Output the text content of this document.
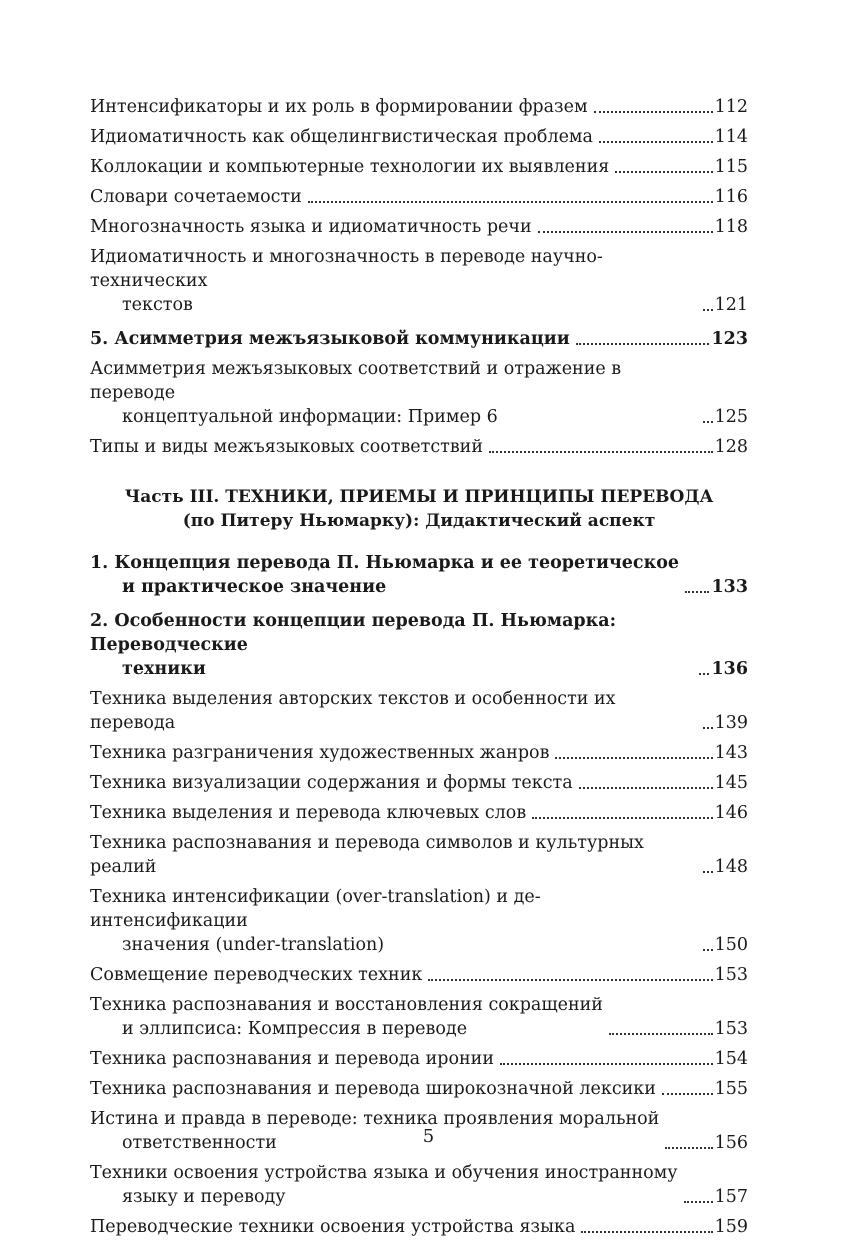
Интенсификаторы и их роль в формировании фразем	112
Идиоматичность как общелингвистическая проблема	114
Коллокации и компьютерные технологии их выявления	115
Словари сочетаемости	116
Многозначность языка и идиоматичность речи	118
Идиоматичность и многозначность в переводе научно-технических
текстов	121
5. Асимметрия межъязыковой коммуникации	123
Асимметрия межъязыковых соответствий и отражение в переводе
концептуальной информации: Пример 6	125
Типы и виды межъязыковых соответствий	128
Часть III. ТЕХНИКИ, ПРИЕМЫ И ПРИНЦИПЫ ПЕРЕВОДА
(по Питеру Ньюмарку): Дидактический аспект
1. Концепция перевода П. Ньюмарка и ее теоретическое
и практическое значение	133
2. Особенности концепции перевода П. Ньюмарка: Переводческие
техники	136
Техника выделения авторских текстов и особенности их перевода	139
Техника разграничения художественных жанров	143
Техника визуализации содержания и формы текста	145
Техника выделения и перевода ключевых слов	146
Техника распознавания и перевода символов и культурных реалий	148
Техника интенсификации (over-translation) и де-интенсификации
значения (under-translation)	150
Совмещение переводческих техник	153
Техника распознавания и восстановления сокращений
и эллипсиса: Компрессия в переводе	153
Техника распознавания и перевода иронии	154
Техника распознавания и перевода широкозначной лексики	155
Истина и правда в переводе: техника проявления моральной
ответственности	156
Техники освоения устройства языка и обучения иностранному
языку и переводу	157
Переводческие техники освоения устройства языка	159
5
